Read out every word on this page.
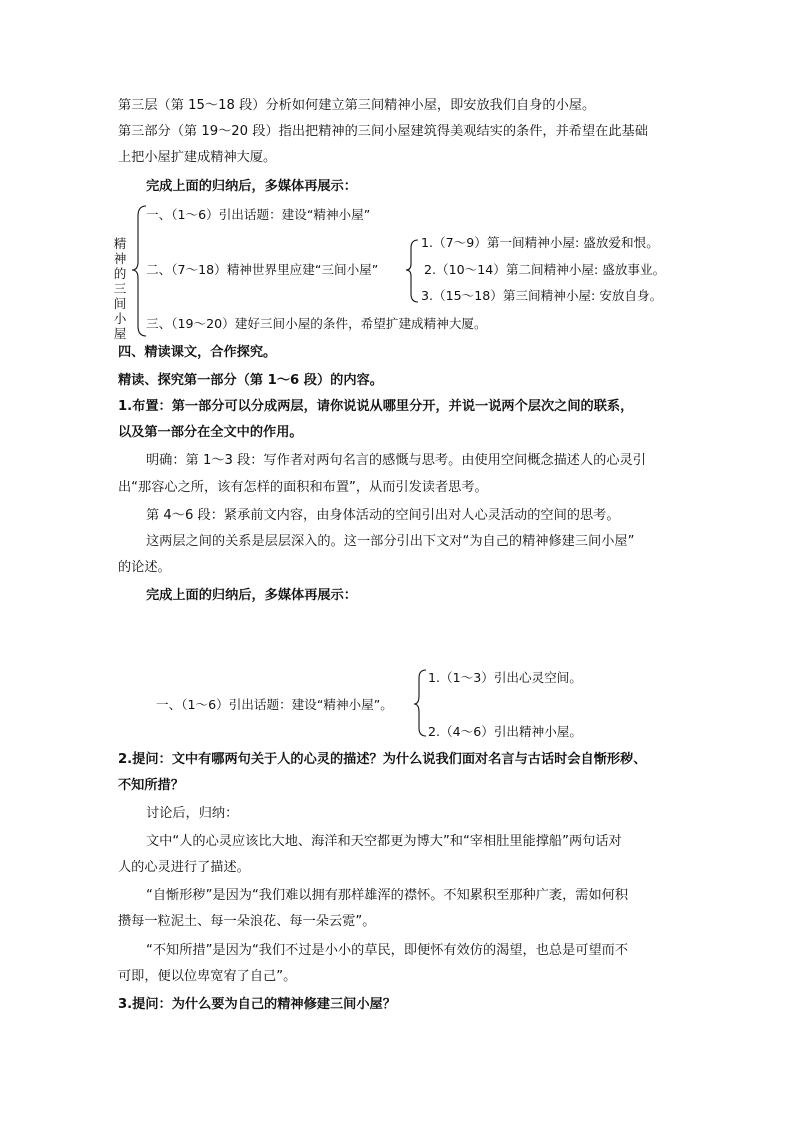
第三层（第 15～18 段）分析如何建立第三间精神小屋，即安放我们自身的小屋。
第三部分（第 19～20 段）指出把精神的三间小屋建筑得美观结实的条件，并希望在此基础
上把小屋扩建成精神大厦。
完成上面的归纳后，多媒体再展示：
精
神
的
三
间
小
屋
一、（1～6）引出话题：建设“精神小屋”
二、（7～18）精神世界里应建“三间小屋”
1.（7～9）第一间精神小屋: 盛放爱和恨。
2.（10～14）第二间精神小屋: 盛放事业。
3.（15～18）第三间精神小屋: 安放自身。
三、（19～20）建好三间小屋的条件，希望扩建成精神大厦。
四、精读课文，合作探究。
精读、探究第一部分（第 1～6 段）的内容。
1.布置：第一部分可以分成两层，请你说说从哪里分开，并说一说两个层次之间的联系，
以及第一部分在全文中的作用。
明确：第 1～3 段：写作者对两句名言的感慨与思考。由使用空间概念描述人的心灵引
出“那容心之所，该有怎样的面积和布置”，从而引发读者思考。
第 4～6 段：紧承前文内容，由身体活动的空间引出对人心灵活动的空间的思考。
这两层之间的关系是层层深入的。这一部分引出下文对“为自己的精神修建三间小屋”
的论述。
完成上面的归纳后，多媒体再展示：
1.（1～3）引出心灵空间。
一、（1～6）引出话题：建设“精神小屋”。
2.（4～6）引出精神小屋。
2.提问：文中有哪两句关于人的心灵的描述？为什么说我们面对名言与古话时会自惭形秽、
不知所措？
讨论后，归纳：
文中“人的心灵应该比大地、海洋和天空都更为博大”和“宰相肚里能撑船”两句话对
人的心灵进行了描述。
“自惭形秽”是因为“我们难以拥有那样雄浑的襟怀。不知累积至那种广袤，需如何积
攒每一粒泥土、每一朵浪花、每一朵云霓”。
“不知所措”是因为“我们不过是小小的草民，即便怀有效仿的渴望，也总是可望而不
可即，便以位卑宽宥了自己”。
3.提问：为什么要为自己的精神修建三间小屋？
